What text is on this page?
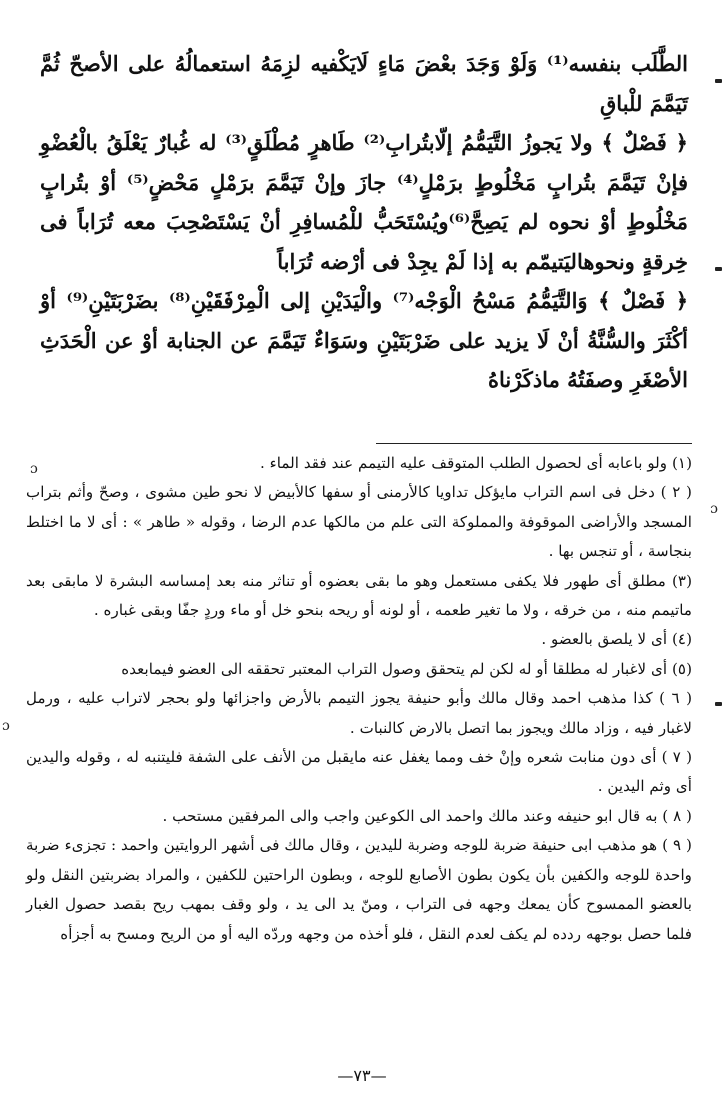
ɔ
ɔ
ɔ

الطَّلَب بنفسه⁽¹⁾ وَلَوْ وَجَدَ بعْضَ مَاءٍ لَايَكْفيه لزِمَهُ استعمالُهُ على الأصحّ ثُمَّ تَيَمَّمَ للْباقِ

﴿ فَصْلٌ ﴾ ولا يَجوزُ التَّيَمُّمُ إلّابتُرابِ⁽²⁾ طَاهرٍ مُطْلَقٍ⁽³⁾ له غُبارٌ يَعْلَقُ بالْعُضْوِ فإنْ تَيَمَّمَ بتُرابٍ مَخْلُوطٍ برَمْلٍ⁽⁴⁾ جازَ وإنْ تَيَمَّمَ برَمْلٍ مَحْضٍ⁽⁵⁾ أوْ بتُرابٍ مَخْلُوطٍ أوْ نحوه لم يَصِحَّ⁽⁶⁾ويُسْتَحَبُّ للْمُسافِرِ أنْ يَسْتَصْحِبَ معه تُرَاباً فى خِرقةٍ ونحوهاليَتيمّم به إذا لَمْ يجِدْ فى أرْضه تُرَاباً

﴿ فَصْلٌ ﴾ وَالتَّيَمُّمُ مَسْحُ الْوَجْه⁽⁷⁾ والْيَدَيْنِ إلى الْمِرْفَقَيْنِ⁽⁸⁾ بضَرْبَتَيْنِ⁽⁹⁾ أوْ أكْثَرَ والسُّنَّةُ أنْ لَا يزيد على ضَرْبَتَيْنِ وسَوَاءٌ تَيَمَّمَ عن الجنابة أوْ عن الْحَدَثِ الأصْغَرِ وصفَتُهُ ماذكَرْناهُ

(١) ولو باعابه أى لحصول الطلب المتوقف عليه التيمم عند فقد الماء .

( ٢ ) دخل فى اسم التراب مايؤكل تداويا كالأرمنى أو سفها كالأبيض لا نحو طين مشوى ، وصحّ وأثم بتراب المسجد والأراضى الموقوفة والمملوكة التى علم من مالكها عدم الرضا ، وقوله « طاهر » : أى لا ما اختلط بنجاسة ، أو تنجس بها .

(٣) مطلق أى طهور فلا يكفى مستعمل وهو ما بقى بعضوه أو تناثر منه بعد إمساسه البشرة لا مابقى بعد ماتيمم منه ، من خرقه ، ولا ما تغير طعمه ، أو لونه أو ريحه بنحو خل أو ماء وردٍ جفّا وبقى غباره .

(٤) أى لا يلصق بالعضو .

(٥) أى لاغبار له مطلقا أو له لكن لم يتحقق وصول التراب المعتبر تحققه الى العضو فيمابعده

( ٦ ) كذا مذهب احمد وقال مالك وأبو حنيفة يجوز التيمم بالأرض واجزائها ولو بحجر لاتراب عليه ، ورمل لاغبار فيه ، وزاد مالك ويجوز بما اتصل بالارض كالنبات .

( ٧ ) أى دون منابت شعره وإنْ خف ومما يغفل عنه مايقبل من الأنف على الشفة فليتنبه له ، وقوله واليدين أى وثم اليدين .

( ٨ ) به قال ابو حنيفه وعند مالك واحمد الى الكوعين واجب والى المرفقين مستحب .

( ٩ ) هو مذهب ابى حنيفة ضربة للوجه وضربة لليدين ، وقال مالك فى أشهر الروايتين واحمد : تجزىء ضربة واحدة للوجه والكفين بأن يكون بطون الأصابع للوجه ، وبطون الراحتين للكفين ، والمراد بضربتين النقل ولو بالعضو الممسوح كأن يمعك وجهه فى التراب ، ومنّ يد الى يد ، ولو وقف بمهب ريح بقصد حصول الغبار فلما حصل بوجهه ردده لم يكف لعدم النقل ، فلو أخذه من وجهه وردّه اليه أو من الريح ومسح به أجزأه

—٧٣—
